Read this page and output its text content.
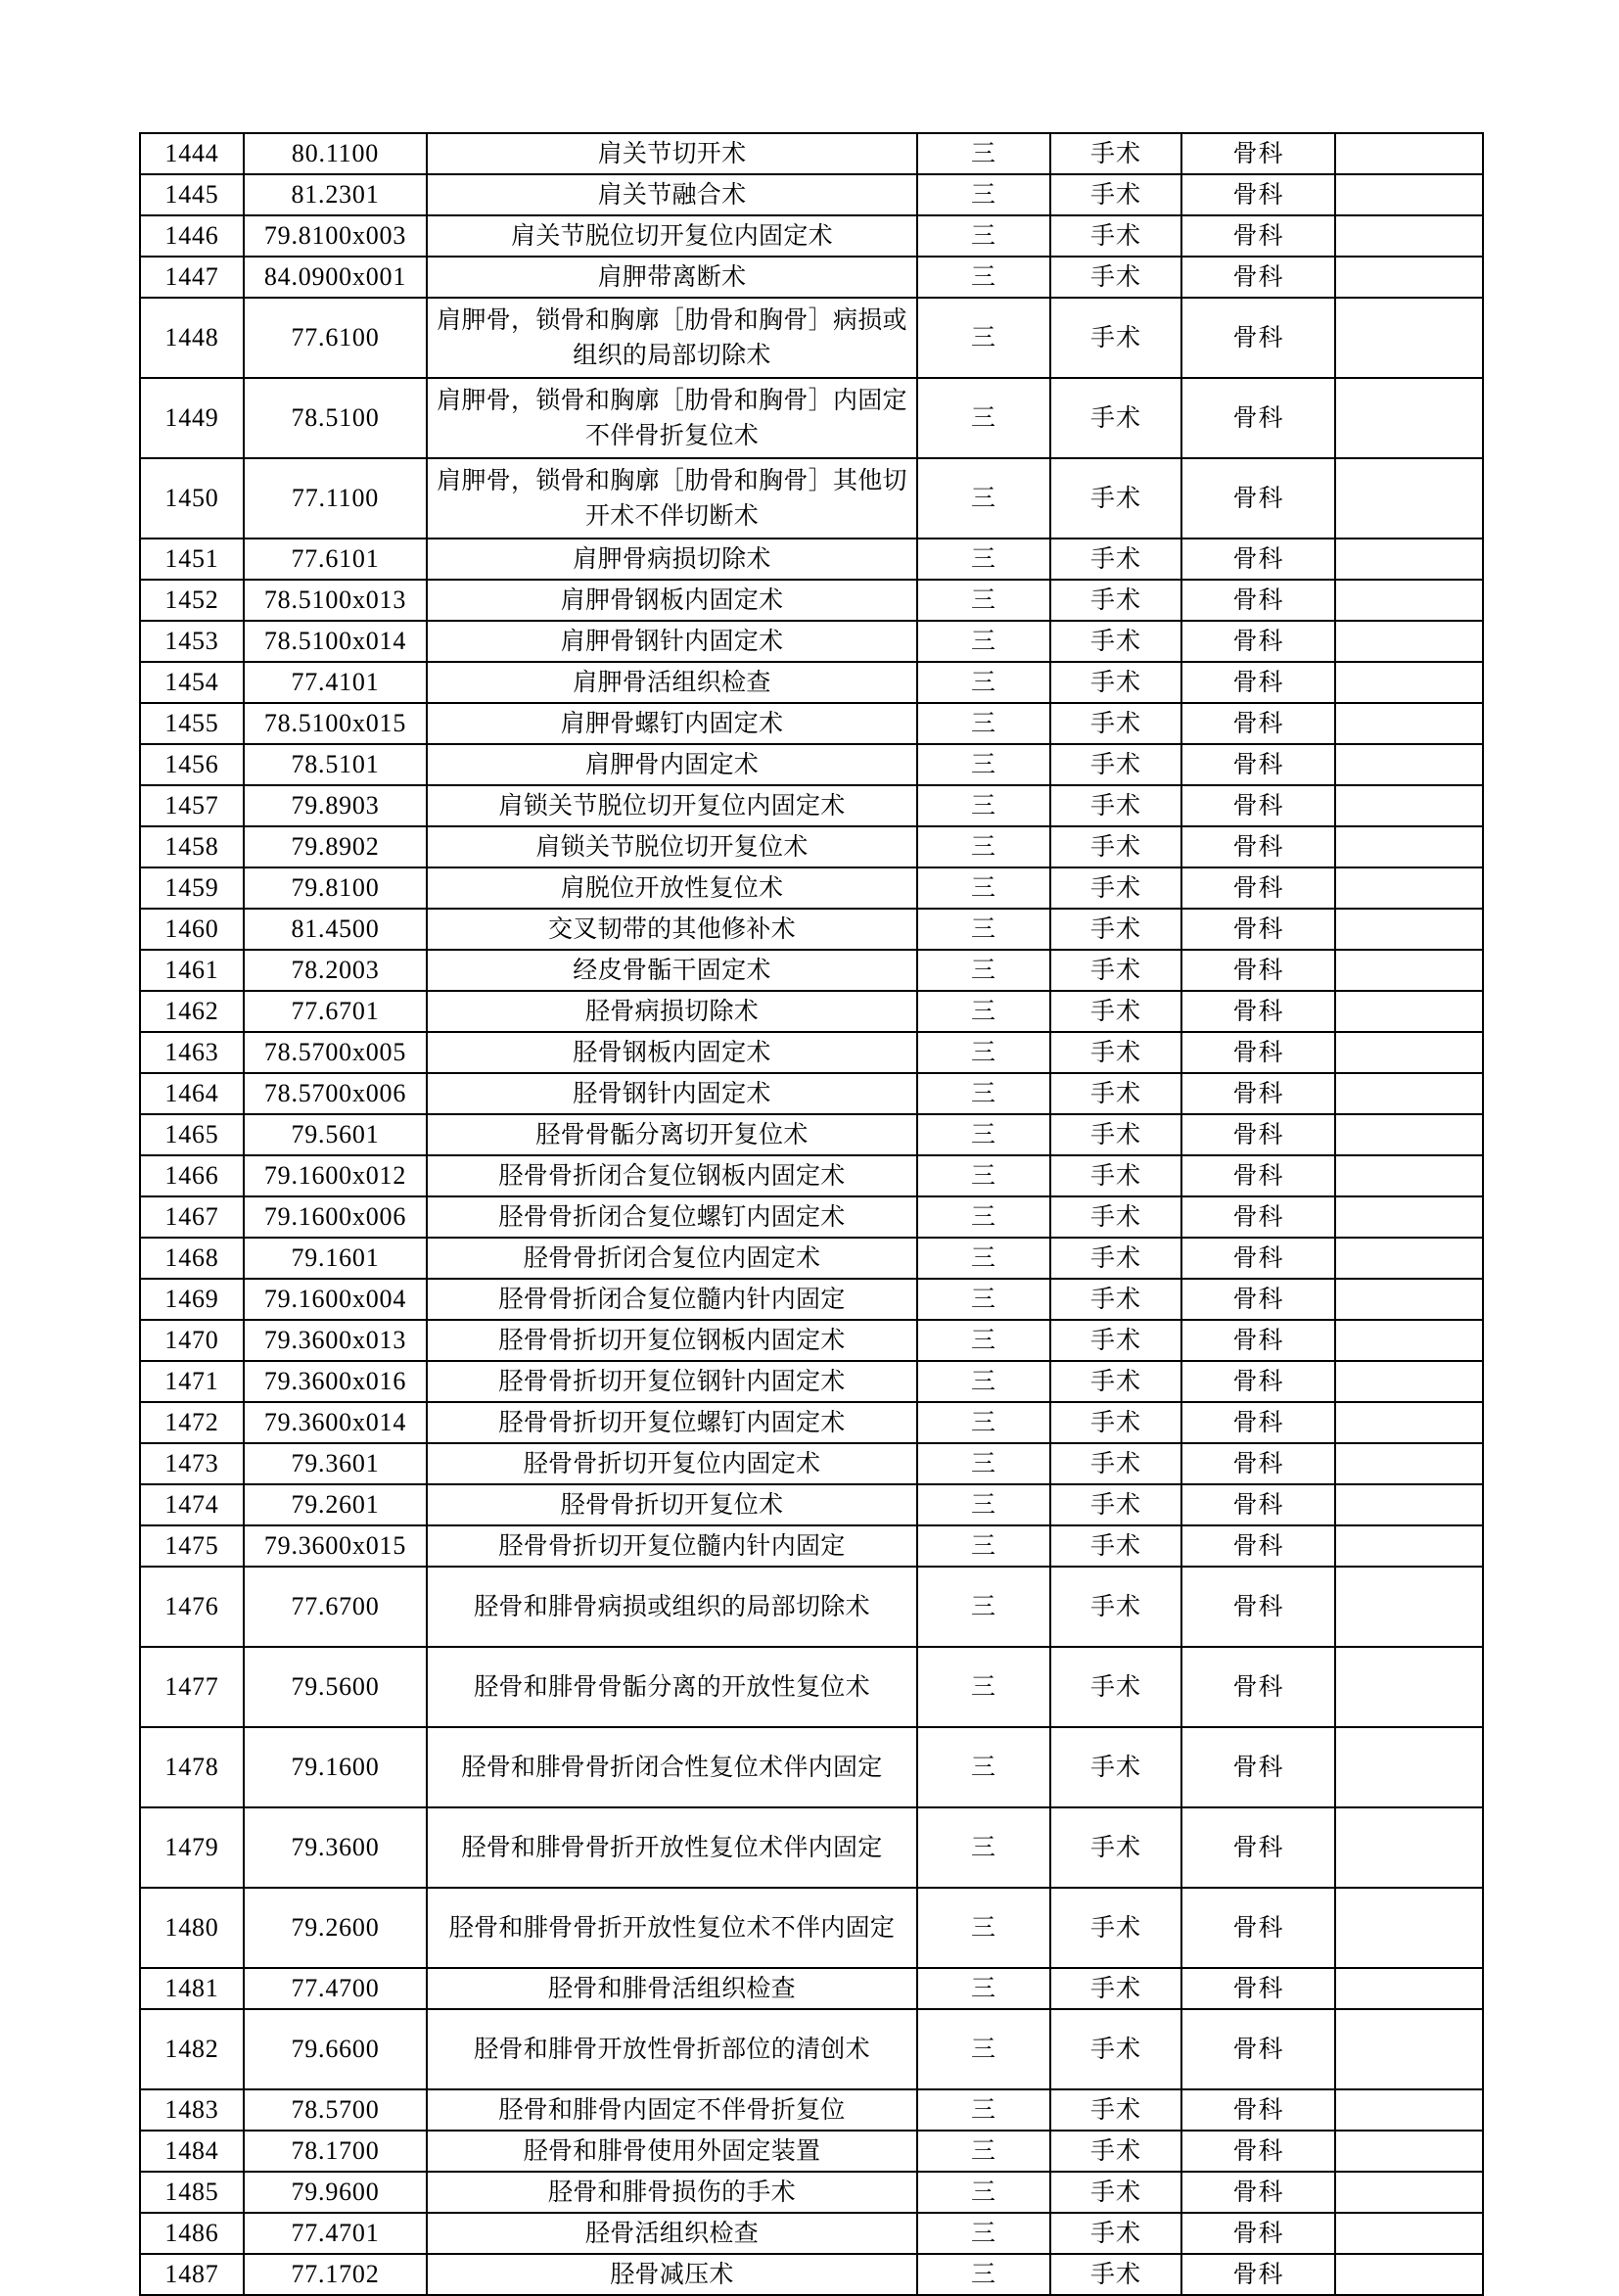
1444	80.1100	肩关节切开术	三	手术	骨科	
1445	81.2301	肩关节融合术	三	手术	骨科	
1446	79.8100x003	肩关节脱位切开复位内固定术	三	手术	骨科	
1447	84.0900x001	肩胛带离断术	三	手术	骨科	
1448	77.6100	肩胛骨，锁骨和胸廓［肋骨和胸骨］病损或组织的局部切除术	三	手术	骨科	
1449	78.5100	肩胛骨，锁骨和胸廓［肋骨和胸骨］内固定不伴骨折复位术	三	手术	骨科	
1450	77.1100	肩胛骨，锁骨和胸廓［肋骨和胸骨］其他切开术不伴切断术	三	手术	骨科	
1451	77.6101	肩胛骨病损切除术	三	手术	骨科	
1452	78.5100x013	肩胛骨钢板内固定术	三	手术	骨科	
1453	78.5100x014	肩胛骨钢针内固定术	三	手术	骨科	
1454	77.4101	肩胛骨活组织检查	三	手术	骨科	
1455	78.5100x015	肩胛骨螺钉内固定术	三	手术	骨科	
1456	78.5101	肩胛骨内固定术	三	手术	骨科	
1457	79.8903	肩锁关节脱位切开复位内固定术	三	手术	骨科	
1458	79.8902	肩锁关节脱位切开复位术	三	手术	骨科	
1459	79.8100	肩脱位开放性复位术	三	手术	骨科	
1460	81.4500	交叉韧带的其他修补术	三	手术	骨科	
1461	78.2003	经皮骨骺干固定术	三	手术	骨科	
1462	77.6701	胫骨病损切除术	三	手术	骨科	
1463	78.5700x005	胫骨钢板内固定术	三	手术	骨科	
1464	78.5700x006	胫骨钢针内固定术	三	手术	骨科	
1465	79.5601	胫骨骨骺分离切开复位术	三	手术	骨科	
1466	79.1600x012	胫骨骨折闭合复位钢板内固定术	三	手术	骨科	
1467	79.1600x006	胫骨骨折闭合复位螺钉内固定术	三	手术	骨科	
1468	79.1601	胫骨骨折闭合复位内固定术	三	手术	骨科	
1469	79.1600x004	胫骨骨折闭合复位髓内针内固定	三	手术	骨科	
1470	79.3600x013	胫骨骨折切开复位钢板内固定术	三	手术	骨科	
1471	79.3600x016	胫骨骨折切开复位钢针内固定术	三	手术	骨科	
1472	79.3600x014	胫骨骨折切开复位螺钉内固定术	三	手术	骨科	
1473	79.3601	胫骨骨折切开复位内固定术	三	手术	骨科	
1474	79.2601	胫骨骨折切开复位术	三	手术	骨科	
1475	79.3600x015	胫骨骨折切开复位髓内针内固定	三	手术	骨科	
1476	77.6700	胫骨和腓骨病损或组织的局部切除术	三	手术	骨科	
1477	79.5600	胫骨和腓骨骨骺分离的开放性复位术	三	手术	骨科	
1478	79.1600	胫骨和腓骨骨折闭合性复位术伴内固定	三	手术	骨科	
1479	79.3600	胫骨和腓骨骨折开放性复位术伴内固定	三	手术	骨科	
1480	79.2600	胫骨和腓骨骨折开放性复位术不伴内固定	三	手术	骨科	
1481	77.4700	胫骨和腓骨活组织检查	三	手术	骨科	
1482	79.6600	胫骨和腓骨开放性骨折部位的清创术	三	手术	骨科	
1483	78.5700	胫骨和腓骨内固定不伴骨折复位	三	手术	骨科	
1484	78.1700	胫骨和腓骨使用外固定装置	三	手术	骨科	
1485	79.9600	胫骨和腓骨损伤的手术	三	手术	骨科	
1486	77.4701	胫骨活组织检查	三	手术	骨科	
1487	77.1702	胫骨减压术	三	手术	骨科	
